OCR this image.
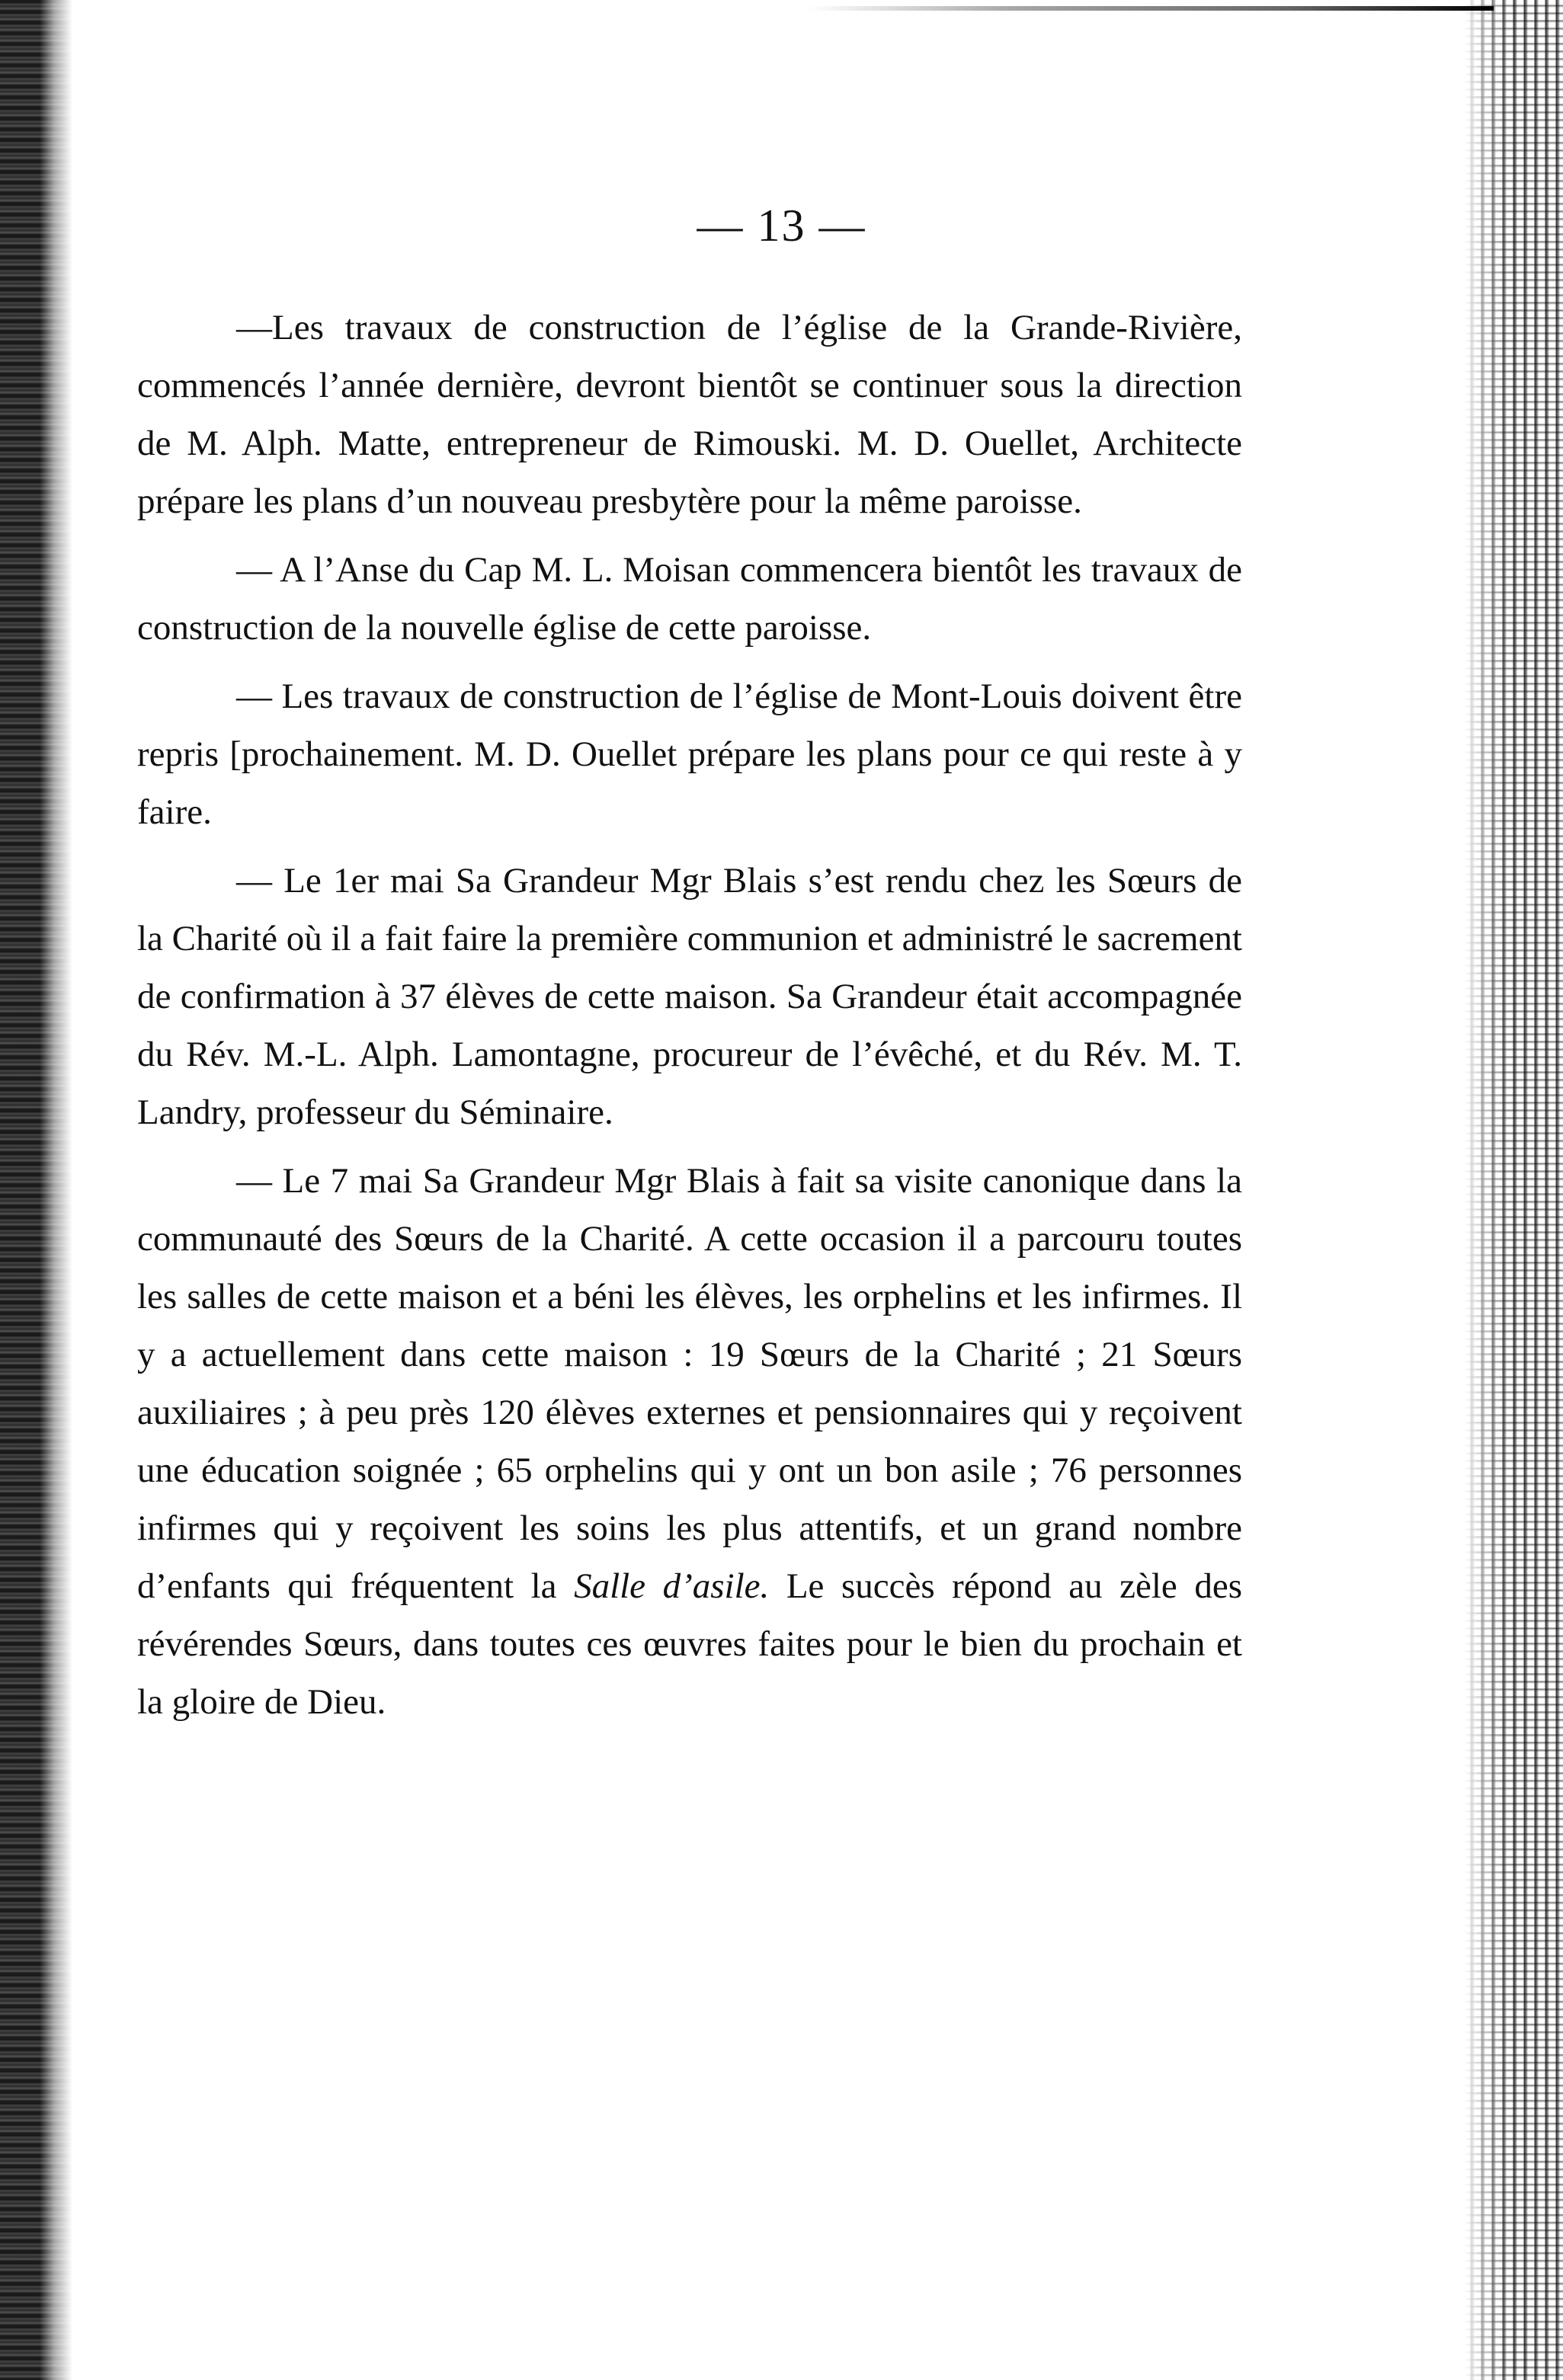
— 13 —

—Les travaux de construction de l’église de la Grande-Rivière, commencés l’année dernière, devront bientôt se continuer sous la direction de M. Alph. Matte, entrepreneur de Rimouski. M. D. Ouellet, Architecte prépare les plans d’un nouveau presbytère pour la même paroisse.

— A l’Anse du Cap M. L. Moisan commencera bientôt les travaux de construction de la nouvelle église de cette paroisse.

— Les travaux de construction de l’église de Mont-Louis doivent être repris [prochainement. M. D. Ouellet prépare les plans pour ce qui reste à y faire.

— Le 1er mai Sa Grandeur Mgr Blais s’est rendu chez les Sœurs de la Charité où il a fait faire la première communion et administré le sacrement de confirmation à 37 élèves de cette maison. Sa Grandeur était accompagnée du Rév. M.-L. Alph. Lamontagne, procureur de l’évêché, et du Rév. M. T. Landry, professeur du Séminaire.

— Le 7 mai Sa Grandeur Mgr Blais à fait sa visite canonique dans la communauté des Sœurs de la Charité. A cette occasion il a parcouru toutes les salles de cette maison et a béni les élèves, les orphelins et les infirmes. Il y a actuellement dans cette maison : 19 Sœurs de la Charité ; 21 Sœurs auxiliaires ; à peu près 120 élèves externes et pensionnaires qui y reçoivent une éducation soignée ; 65 orphelins qui y ont un bon asile ; 76 personnes infirmes qui y reçoivent les soins les plus attentifs, et un grand nombre d’enfants qui fréquentent la Salle d’asile. Le succès répond au zèle des révérendes Sœurs, dans toutes ces œuvres faites pour le bien du prochain et la gloire de Dieu.
